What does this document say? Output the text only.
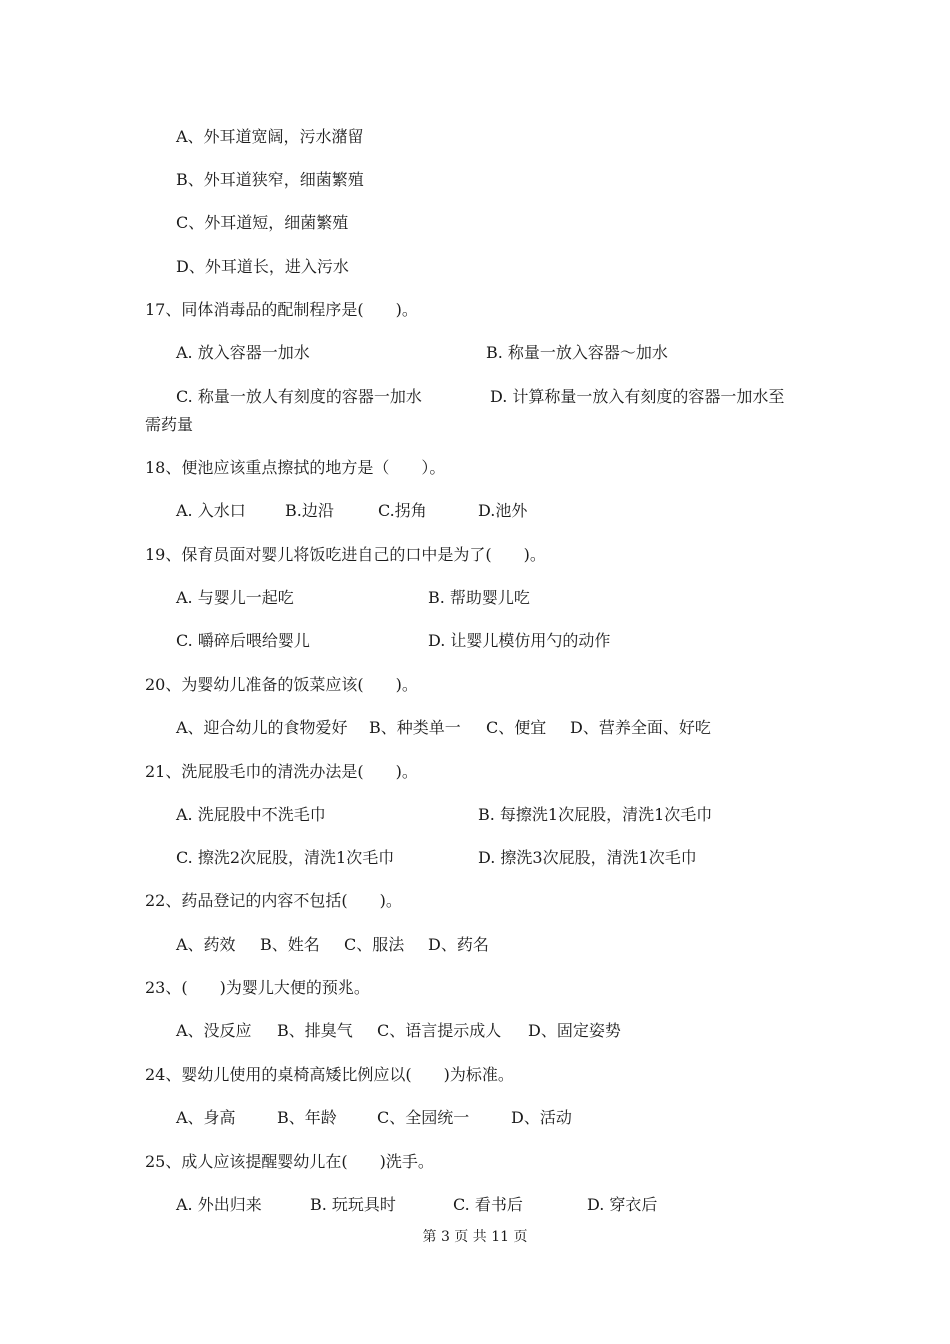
A、外耳道宽阔，污水潴留
B、外耳道狭窄，细菌繁殖
C、外耳道短，细菌繁殖
D、外耳道长，进入污水
17、同体消毒品的配制程序是(　　)。
A. 放入容器一加水	B. 称量一放入容器～加水
C. 称量一放人有刻度的容器一加水	D. 计算称量一放入有刻度的容器一加水至
需药量
18、便池应该重点擦拭的地方是（　　）。
A. 入水口 B.边沿	C.拐角	D.池外
19、保育员面对婴儿将饭吃进自己的口中是为了(　　)。
A. 与婴儿一起吃	B. 帮助婴儿吃
C. 嚼碎后喂给婴儿	D. 让婴儿模仿用勺的动作
20、为婴幼儿准备的饭菜应该(　　)。
A、迎合幼儿的食物爱好 B、种类单一 C、便宜 D、营养全面、好吃
21、洗屁股毛巾的清洗办法是(　　)。
A. 洗屁股中不洗毛巾	B. 每擦洗1次屁股，清洗1次毛巾
C. 擦洗2次屁股，清洗1次毛巾	D. 擦洗3次屁股，清洗1次毛巾
22、药品登记的内容不包括(　　)。
A、药效 B、姓名 C、服法 D、药名
23、(　　)为婴儿大便的预兆。
A、没反应 B、排臭气 C、语言提示成人 D、固定姿势
24、婴幼儿使用的桌椅高矮比例应以(　　)为标准。
A、身高	B、年龄	C、全园统一	D、活动
25、成人应该提醒婴幼儿在(　　)洗手。
A. 外出归来	B. 玩玩具时	C. 看书后	D. 穿衣后
第 3 页 共 11 页
